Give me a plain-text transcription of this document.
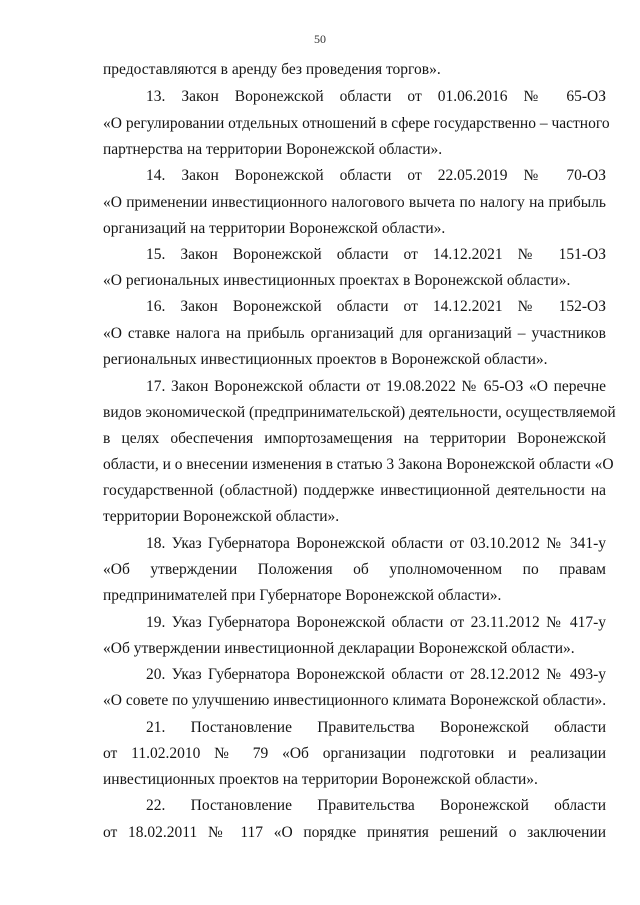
50
предоставляются в аренду без проведения торгов».
13. Закон Воронежской области от 01.06.2016 № 65-ОЗ
«О регулировании отдельных отношений в сфере государственно – частного
партнерства на территории Воронежской области».
14. Закон Воронежской области от 22.05.2019 № 70-ОЗ
«О применении инвестиционного налогового вычета по налогу на прибыль
организаций на территории Воронежской области».
15. Закон Воронежской области от 14.12.2021 № 151-ОЗ
«О региональных инвестиционных проектах в Воронежской области».
16. Закон Воронежской области от 14.12.2021 № 152-ОЗ
«О ставке налога на прибыль организаций для организаций – участников
региональных инвестиционных проектов в Воронежской области».
17. Закон Воронежской области от 19.08.2022 № 65-ОЗ «О перечне
видов экономической (предпринимательской) деятельности, осуществляемой
в целях обеспечения импортозамещения на территории Воронежской
области, и о внесении изменения в статью 3 Закона Воронежской области «О
государственной (областной) поддержке инвестиционной деятельности на
территории Воронежской области».
18. Указ Губернатора Воронежской области от 03.10.2012 № 341-у
«Об утверждении Положения об уполномоченном по правам
предпринимателей при Губернаторе Воронежской области».
19. Указ Губернатора Воронежской области от 23.11.2012 № 417-у
«Об утверждении инвестиционной декларации Воронежской области».
20. Указ Губернатора Воронежской области от 28.12.2012 № 493-у
«О совете по улучшению инвестиционного климата Воронежской области».
21. Постановление Правительства Воронежской области
от 11.02.2010 № 79 «Об организации подготовки и реализации
инвестиционных проектов на территории Воронежской области».
22. Постановление Правительства Воронежской области
от 18.02.2011 № 117 «О порядке принятия решений о заключении
